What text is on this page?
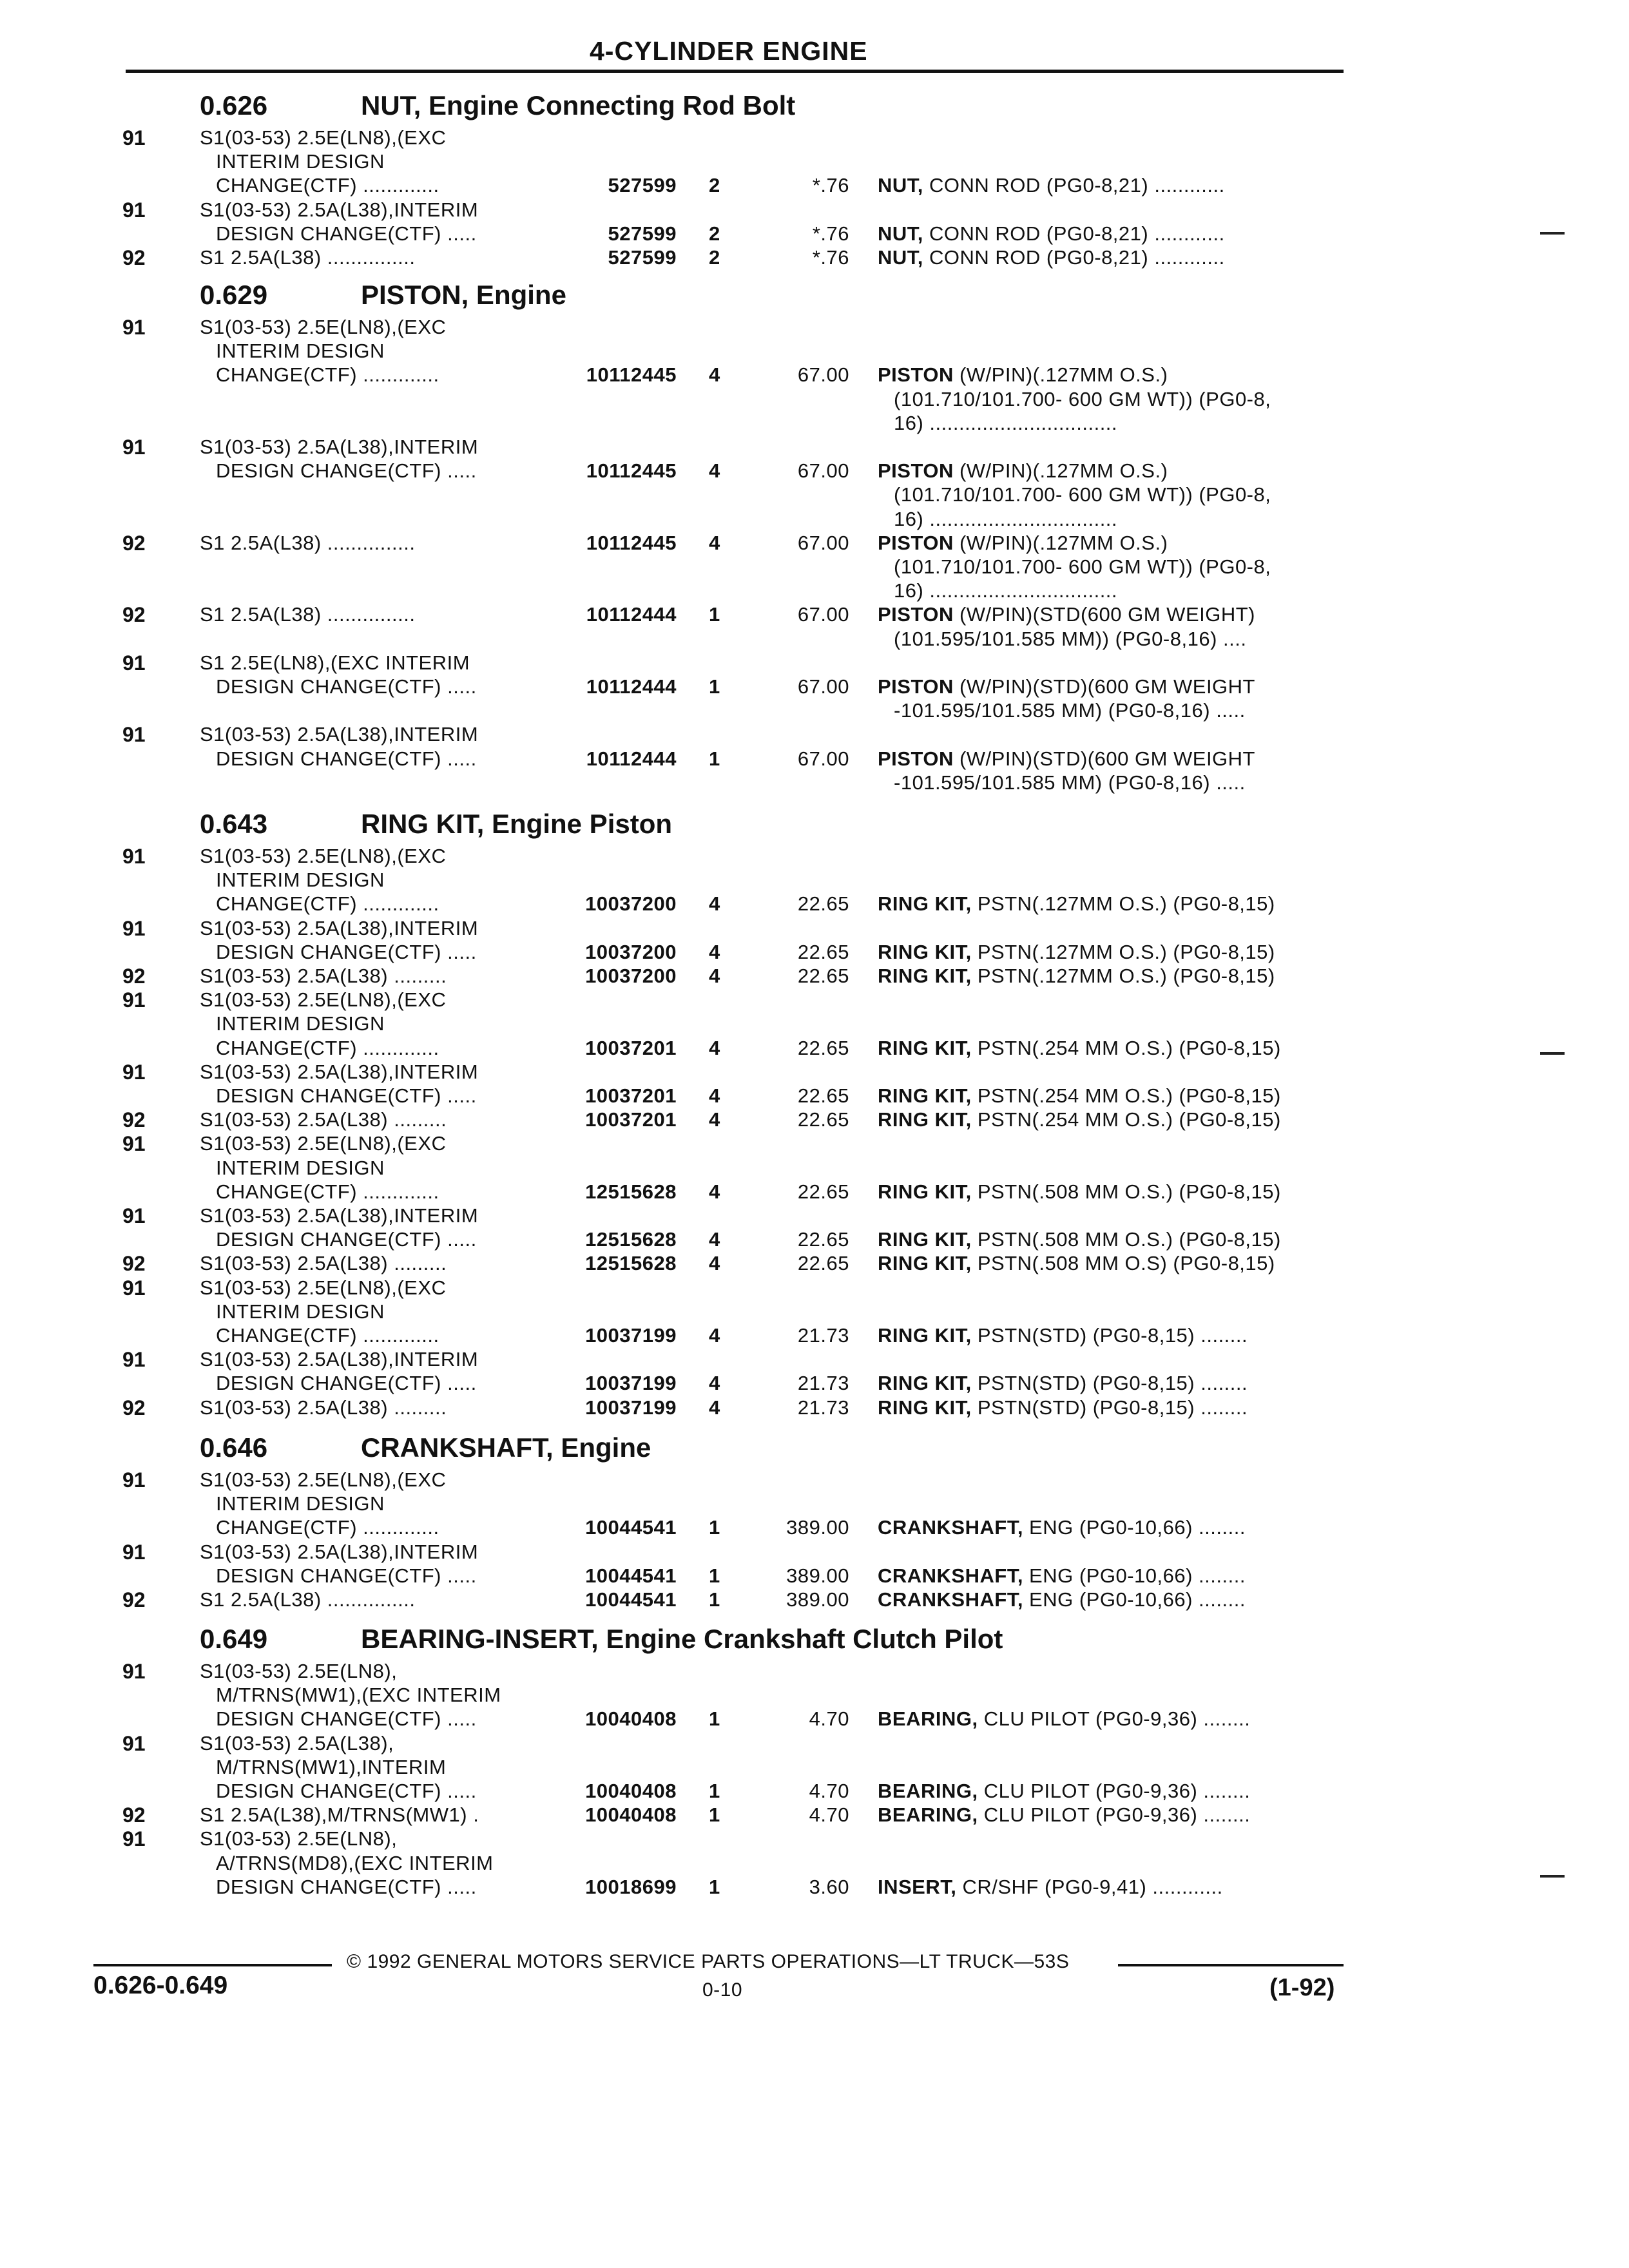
4-CYLINDER ENGINE
0.626	NUT, Engine Connecting Rod Bolt
91	S1(03-53) 2.5E(LN8),(EXC
INTERIM DESIGN
CHANGE(CTF) .............	527599 2	*.76 NUT, CONN ROD (PG0-8,21) ............
91	S1(03-53) 2.5A(L38),INTERIM
DESIGN CHANGE(CTF) .....	527599 2	*.76 NUT, CONN ROD (PG0-8,21) ............
92	S1 2.5A(L38) ...............	527599 2	*.76 NUT, CONN ROD (PG0-8,21) ............
0.629	PISTON, Engine
91	S1(03-53) 2.5E(LN8),(EXC
INTERIM DESIGN
CHANGE(CTF) .............	10112445 4	67.00 PISTON (W/PIN)(.127MM O.S.)
(101.710/101.700- 600 GM WT)) (PG0-8,
16) ................................
91	S1(03-53) 2.5A(L38),INTERIM
DESIGN CHANGE(CTF) .....	10112445 4	67.00 PISTON (W/PIN)(.127MM O.S.)
(101.710/101.700- 600 GM WT)) (PG0-8,
16) ................................
92	S1 2.5A(L38) ...............	10112445 4	67.00 PISTON (W/PIN)(.127MM O.S.)
(101.710/101.700- 600 GM WT)) (PG0-8,
16) ................................
92	S1 2.5A(L38) ...............	10112444 1	67.00 PISTON (W/PIN)(STD(600 GM WEIGHT)
(101.595/101.585 MM)) (PG0-8,16) ....
91	S1 2.5E(LN8),(EXC INTERIM
DESIGN CHANGE(CTF) .....	10112444 1	67.00 PISTON (W/PIN)(STD)(600 GM WEIGHT
-101.595/101.585 MM) (PG0-8,16) .....
91	S1(03-53) 2.5A(L38),INTERIM
DESIGN CHANGE(CTF) .....	10112444 1	67.00 PISTON (W/PIN)(STD)(600 GM WEIGHT
-101.595/101.585 MM) (PG0-8,16) .....
0.643	RING KIT, Engine Piston
91	S1(03-53) 2.5E(LN8),(EXC
INTERIM DESIGN
CHANGE(CTF) .............	10037200 4	22.65 RING KIT, PSTN(.127MM O.S.) (PG0-8,15)
91	S1(03-53) 2.5A(L38),INTERIM
DESIGN CHANGE(CTF) .....	10037200 4	22.65 RING KIT, PSTN(.127MM O.S.) (PG0-8,15)
92	S1(03-53) 2.5A(L38) .........	10037200 4	22.65 RING KIT, PSTN(.127MM O.S.) (PG0-8,15)
91	S1(03-53) 2.5E(LN8),(EXC
INTERIM DESIGN
CHANGE(CTF) .............	10037201 4	22.65 RING KIT, PSTN(.254 MM O.S.) (PG0-8,15)
91	S1(03-53) 2.5A(L38),INTERIM
DESIGN CHANGE(CTF) .....	10037201 4	22.65 RING KIT, PSTN(.254 MM O.S.) (PG0-8,15)
92	S1(03-53) 2.5A(L38) .........	10037201 4	22.65 RING KIT, PSTN(.254 MM O.S.) (PG0-8,15)
91	S1(03-53) 2.5E(LN8),(EXC
INTERIM DESIGN
CHANGE(CTF) .............	12515628 4	22.65 RING KIT, PSTN(.508 MM O.S.) (PG0-8,15)
91	S1(03-53) 2.5A(L38),INTERIM
DESIGN CHANGE(CTF) .....	12515628 4	22.65 RING KIT, PSTN(.508 MM O.S.) (PG0-8,15)
92	S1(03-53) 2.5A(L38) .........	12515628 4	22.65 RING KIT, PSTN(.508 MM O.S) (PG0-8,15)
91	S1(03-53) 2.5E(LN8),(EXC
INTERIM DESIGN
CHANGE(CTF) .............	10037199 4	21.73 RING KIT, PSTN(STD) (PG0-8,15) ........
91	S1(03-53) 2.5A(L38),INTERIM
DESIGN CHANGE(CTF) .....	10037199 4	21.73 RING KIT, PSTN(STD) (PG0-8,15) ........
92	S1(03-53) 2.5A(L38) .........	10037199 4	21.73 RING KIT, PSTN(STD) (PG0-8,15) ........
0.646	CRANKSHAFT, Engine
91	S1(03-53) 2.5E(LN8),(EXC
INTERIM DESIGN
CHANGE(CTF) .............	10044541 1	389.00 CRANKSHAFT, ENG (PG0-10,66) ........
91	S1(03-53) 2.5A(L38),INTERIM
DESIGN CHANGE(CTF) .....	10044541 1	389.00 CRANKSHAFT, ENG (PG0-10,66) ........
92	S1 2.5A(L38) ...............	10044541 1	389.00 CRANKSHAFT, ENG (PG0-10,66) ........
0.649	BEARING-INSERT, Engine Crankshaft Clutch Pilot
91	S1(03-53) 2.5E(LN8),
M/TRNS(MW1),(EXC INTERIM
DESIGN CHANGE(CTF) .....	10040408 1	4.70 BEARING, CLU PILOT (PG0-9,36) ........
91	S1(03-53) 2.5A(L38),
M/TRNS(MW1),INTERIM
DESIGN CHANGE(CTF) .....	10040408 1	4.70 BEARING, CLU PILOT (PG0-9,36) ........
92	S1 2.5A(L38),M/TRNS(MW1) .	10040408 1	4.70 BEARING, CLU PILOT (PG0-9,36) ........
91	S1(03-53) 2.5E(LN8),
A/TRNS(MD8),(EXC INTERIM
DESIGN CHANGE(CTF) .....	10018699 1	3.60 INSERT, CR/SHF (PG0-9,41) ............
© 1992 GENERAL MOTORS SERVICE PARTS OPERATIONS—LT TRUCK—53S
0.626-0.649	0-10	(1-92)
